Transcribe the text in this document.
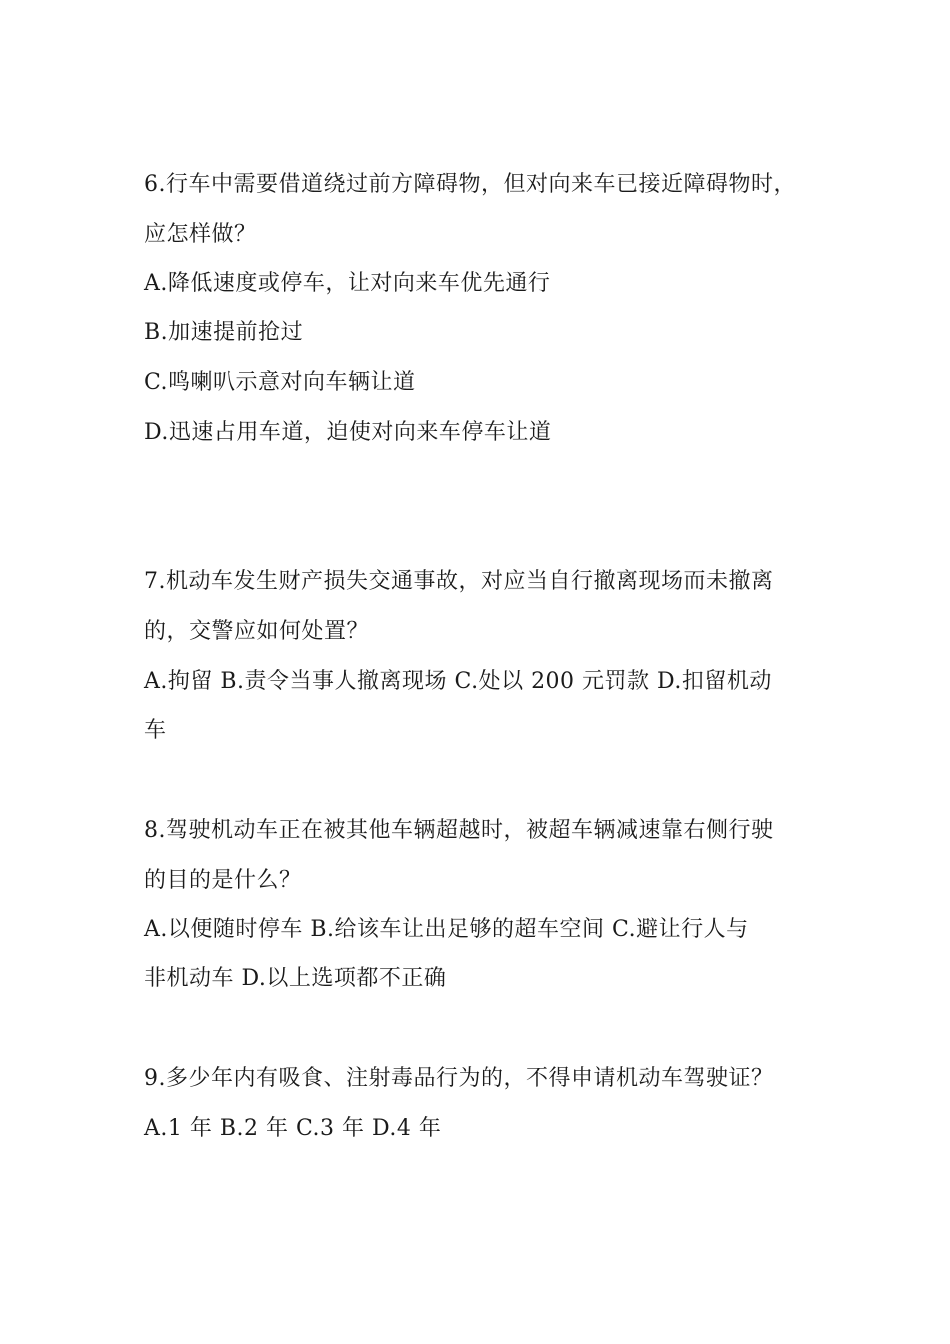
6.行车中需要借道绕过前方障碍物，但对向来车已接近障碍物时，
应怎样做？
A.降低速度或停车，让对向来车优先通行
B.加速提前抢过
C.鸣喇叭示意对向车辆让道
D.迅速占用车道，迫使对向来车停车让道
7.机动车发生财产损失交通事故，对应当自行撤离现场而未撤离
的，交警应如何处置？
A.拘留 B.责令当事人撤离现场 C.处以 200 元罚款 D.扣留机动
车
8.驾驶机动车正在被其他车辆超越时，被超车辆减速靠右侧行驶
的目的是什么？
A.以便随时停车 B.给该车让出足够的超车空间 C.避让行人与
非机动车 D.以上选项都不正确
9.多少年内有吸食、注射毒品行为的，不得申请机动车驾驶证？
A.1 年 B.2 年 C.3 年 D.4 年
